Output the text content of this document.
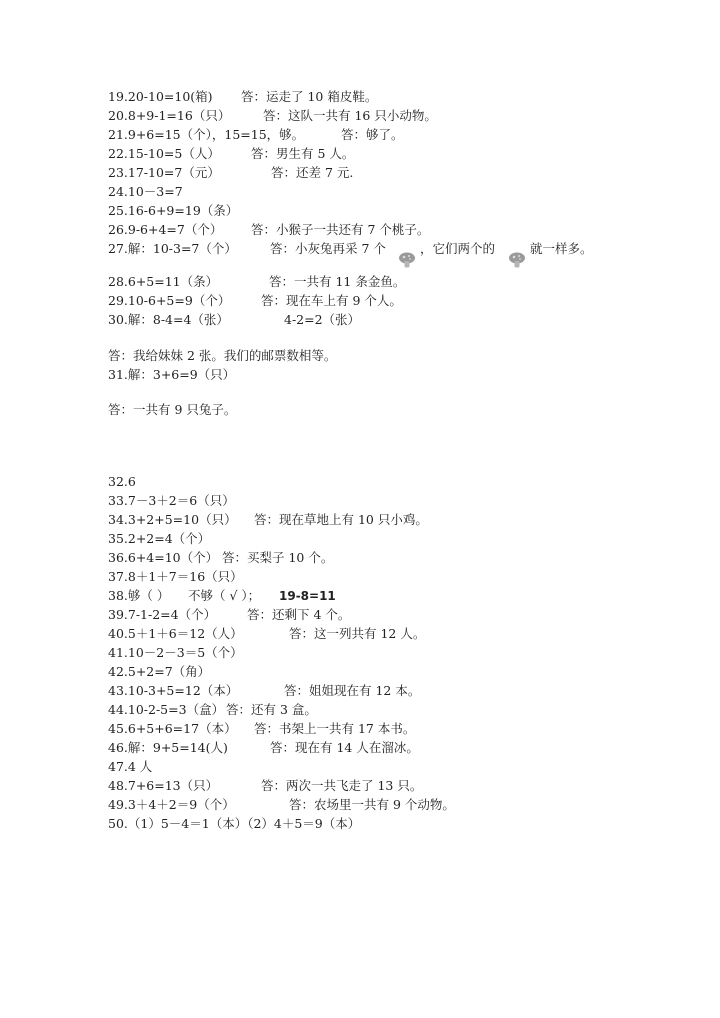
19.20-10=10(箱) 答：运走了 10 箱皮鞋。
20.8+9-1=16（只）	答：这队一共有 16 只小动物。
21.9+6=15（个），15=15，够。	答：够了。
22.15-10=5（人） 答：男生有 5 人。
23.17-10=7（元）	答：还差 7 元.
24.10－3=7
25.16-6+9=19（条）
26.9-6+4=7（个） 答：小猴子一共还有 7 个桃子。
27.解：10-3=7（个）	答：小灰兔再采 7 个	，它们两个的	就一样多。
28.6+5=11（条）	答：一共有 11 条金鱼。
29.10-6+5=9（个） 答：现在车上有 9 个人。
30.解：8-4=4（张）	4-2=2（张）
答：我给妹妹 2 张。我们的邮票数相等。
31.解：3+6=9（只）
答：一共有 9 只兔子。
32.6
33.7－3＋2＝6（只）
34.3+2+5=10（只） 答：现在草地上有 10 只小鸡。
35.2+2=4（个）
36.6+4=10（个） 答：买梨子 10 个。
37.8＋1＋7＝16（只）
38.够（ ） 不够（ √ ）； 19-8=11
39.7-1-2=4（个） 答：还剩下 4 个。
40.5＋1＋6＝12（人）	答：这一列共有 12 人。
41.10－2－3＝5（个）
42.5+2=7（角）
43.10-3+5=12（本）	答：姐姐现在有 12 本。
44.10-2-5=3（盒） 答：还有 3 盒。
45.6+5+6=17（本） 答：书架上一共有 17 本书。
46.解：9+5=14(人)	答：现在有 14 人在溜冰。
47.4 人
48.7+6=13（只）	答：两次一共飞走了 13 只。
49.3＋4＋2＝9（个）	答：农场里一共有 9 个动物。
50.（1）5－4＝1（本）（2）4＋5＝9（本）
